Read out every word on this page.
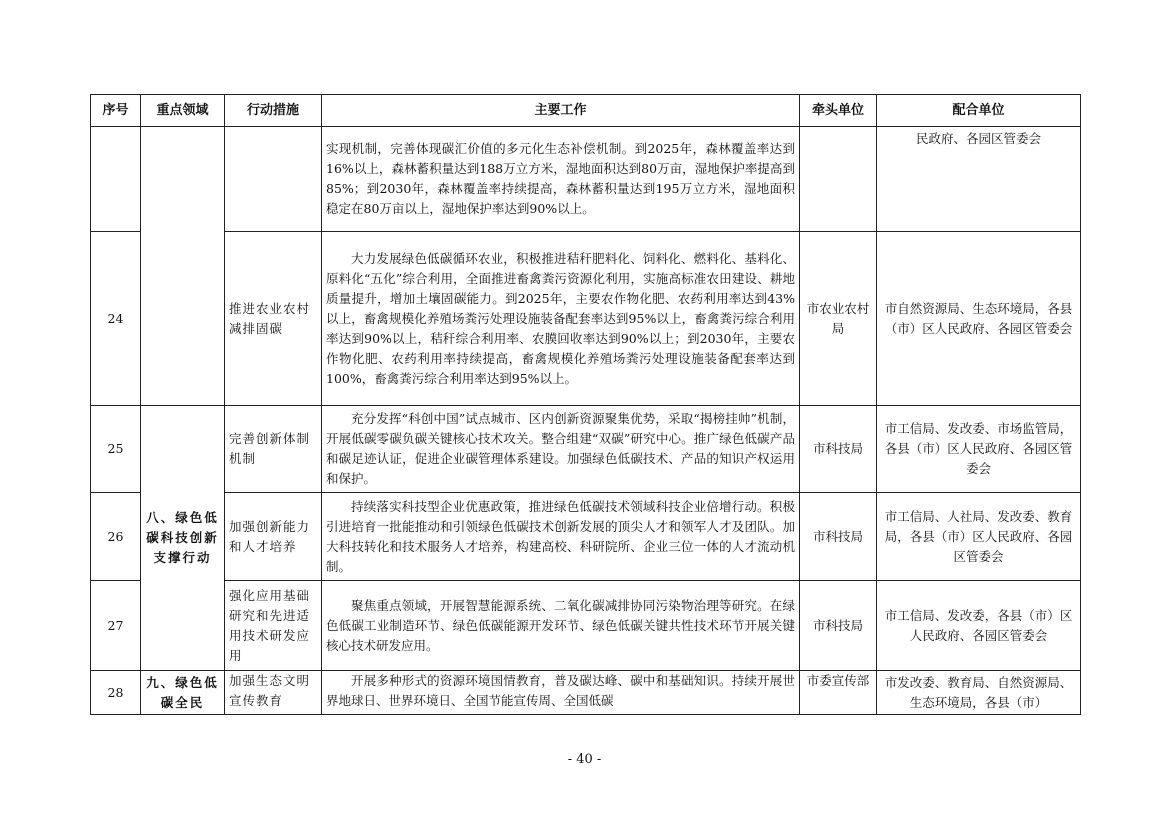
序号	重点领域	行动措施	主要工作	牵头单位	配合单位

			实现机制，完善体现碳汇价值的多元化生态补偿机制。到2025年，森林覆盖率达到16%以上，森林蓄积量达到188万立方米，湿地面积达到80万亩，湿地保护率提高到85%；到2030年，森林覆盖率持续提高，森林蓄积量达到195万立方米，湿地面积稳定在80万亩以上，湿地保护率达到90%以上。		民政府、各园区管委会
24		推进农业农村减排固碳	大力发展绿色低碳循环农业，积极推进秸秆肥料化、饲料化、燃料化、基料化、原料化“五化”综合利用，全面推进畜禽粪污资源化利用，实施高标准农田建设、耕地质量提升，增加土壤固碳能力。到2025年，主要农作物化肥、农药利用率达到43%以上，畜禽规模化养殖场粪污处理设施装备配套率达到95%以上，畜禽粪污综合利用率达到90%以上，秸秆综合利用率、农膜回收率达到90%以上；到2030年，主要农作物化肥、农药利用率持续提高，畜禽规模化养殖场粪污处理设施装备配套率达到100%，畜禽粪污综合利用率达到95%以上。	市农业农村局	市自然资源局、生态环境局，各县（市）区人民政府、各园区管委会
25	八、绿色低碳科技创新支撑行动	完善创新体制机制	充分发挥“科创中国”试点城市、区内创新资源聚集优势，采取“揭榜挂帅”机制，开展低碳零碳负碳关键核心技术攻关。整合组建“双碳”研究中心。推广绿色低碳产品和碳足迹认证，促进企业碳管理体系建设。加强绿色低碳技术、产品的知识产权运用和保护。	市科技局	市工信局、发改委、市场监管局，各县（市）区人民政府、各园区管委会
26		加强创新能力和人才培养	持续落实科技型企业优惠政策，推进绿色低碳技术领域科技企业倍增行动。积极引进培育一批能推动和引领绿色低碳技术创新发展的顶尖人才和领军人才及团队。加大科技转化和技术服务人才培养，构建高校、科研院所、企业三位一体的人才流动机制。	市科技局	市工信局、人社局、发改委、教育局，各县（市）区人民政府、各园区管委会
27		强化应用基础研究和先进适用技术研发应用	聚焦重点领域，开展智慧能源系统、二氧化碳减排协同污染物治理等研究。在绿色低碳工业制造环节、绿色低碳能源开发环节、绿色低碳关键共性技术环节开展关键核心技术研发应用。	市科技局	市工信局、发改委，各县（市）区人民政府、各园区管委会
28	九、绿色低碳全民	加强生态文明宣传教育	开展多种形式的资源环境国情教育，普及碳达峰、碳中和基础知识。持续开展世界地球日、世界环境日、全国节能宣传周、全国低碳	市委宣传部	市发改委、教育局、自然资源局、生态环境局，各县（市）
- 40 -
